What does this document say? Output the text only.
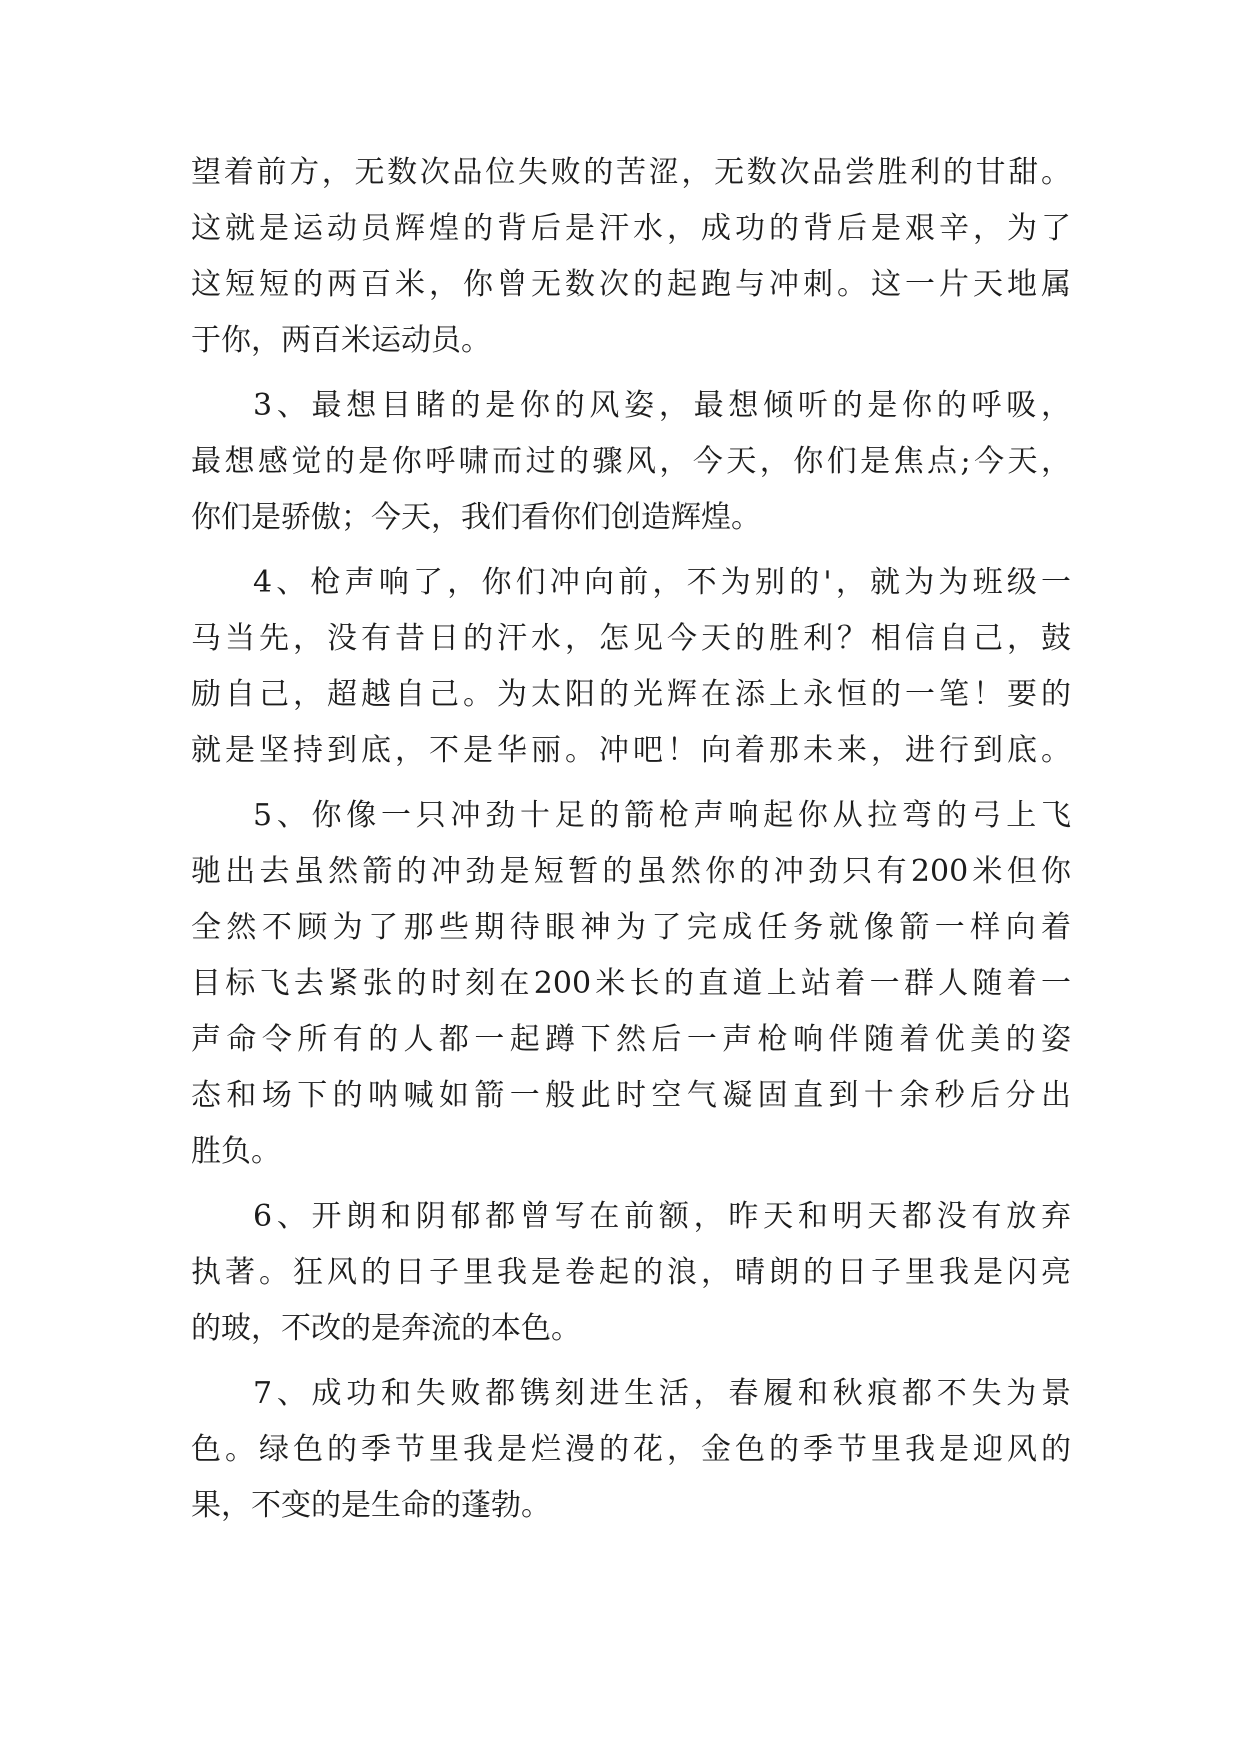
望着前方，无数次品位失败的苦涩，无数次品尝胜利的甘甜。
这就是运动员辉煌的背后是汗水，成功的背后是艰辛，为了
这短短的两百米，你曾无数次的起跑与冲刺。这一片天地属
于你，两百米运动员。
3、最想目睹的是你的风姿，最想倾听的是你的呼吸，
最想感觉的是你呼啸而过的骤风，今天，你们是焦点;今天，
你们是骄傲；今天，我们看你们创造辉煌。
4、枪声响了，你们冲向前，不为别的'，就为为班级一
马当先，没有昔日的汗水，怎见今天的胜利？相信自己，鼓
励自己，超越自己。为太阳的光辉在添上永恒的一笔！要的
就是坚持到底，不是华丽。冲吧！向着那未来，进行到底。
5、你像一只冲劲十足的箭枪声响起你从拉弯的弓上飞
驰出去虽然箭的冲劲是短暂的虽然你的冲劲只有200米但你
全然不顾为了那些期待眼神为了完成任务就像箭一样向着
目标飞去紧张的时刻在200米长的直道上站着一群人随着一
声命令所有的人都一起蹲下然后一声枪响伴随着优美的姿
态和场下的呐喊如箭一般此时空气凝固直到十余秒后分出
胜负。
6、开朗和阴郁都曾写在前额，昨天和明天都没有放弃
执著。狂风的日子里我是卷起的浪，晴朗的日子里我是闪亮
的玻，不改的是奔流的本色。
7、成功和失败都镌刻进生活，春履和秋痕都不失为景
色。绿色的季节里我是烂漫的花，金色的季节里我是迎风的
果，不变的是生命的蓬勃。
